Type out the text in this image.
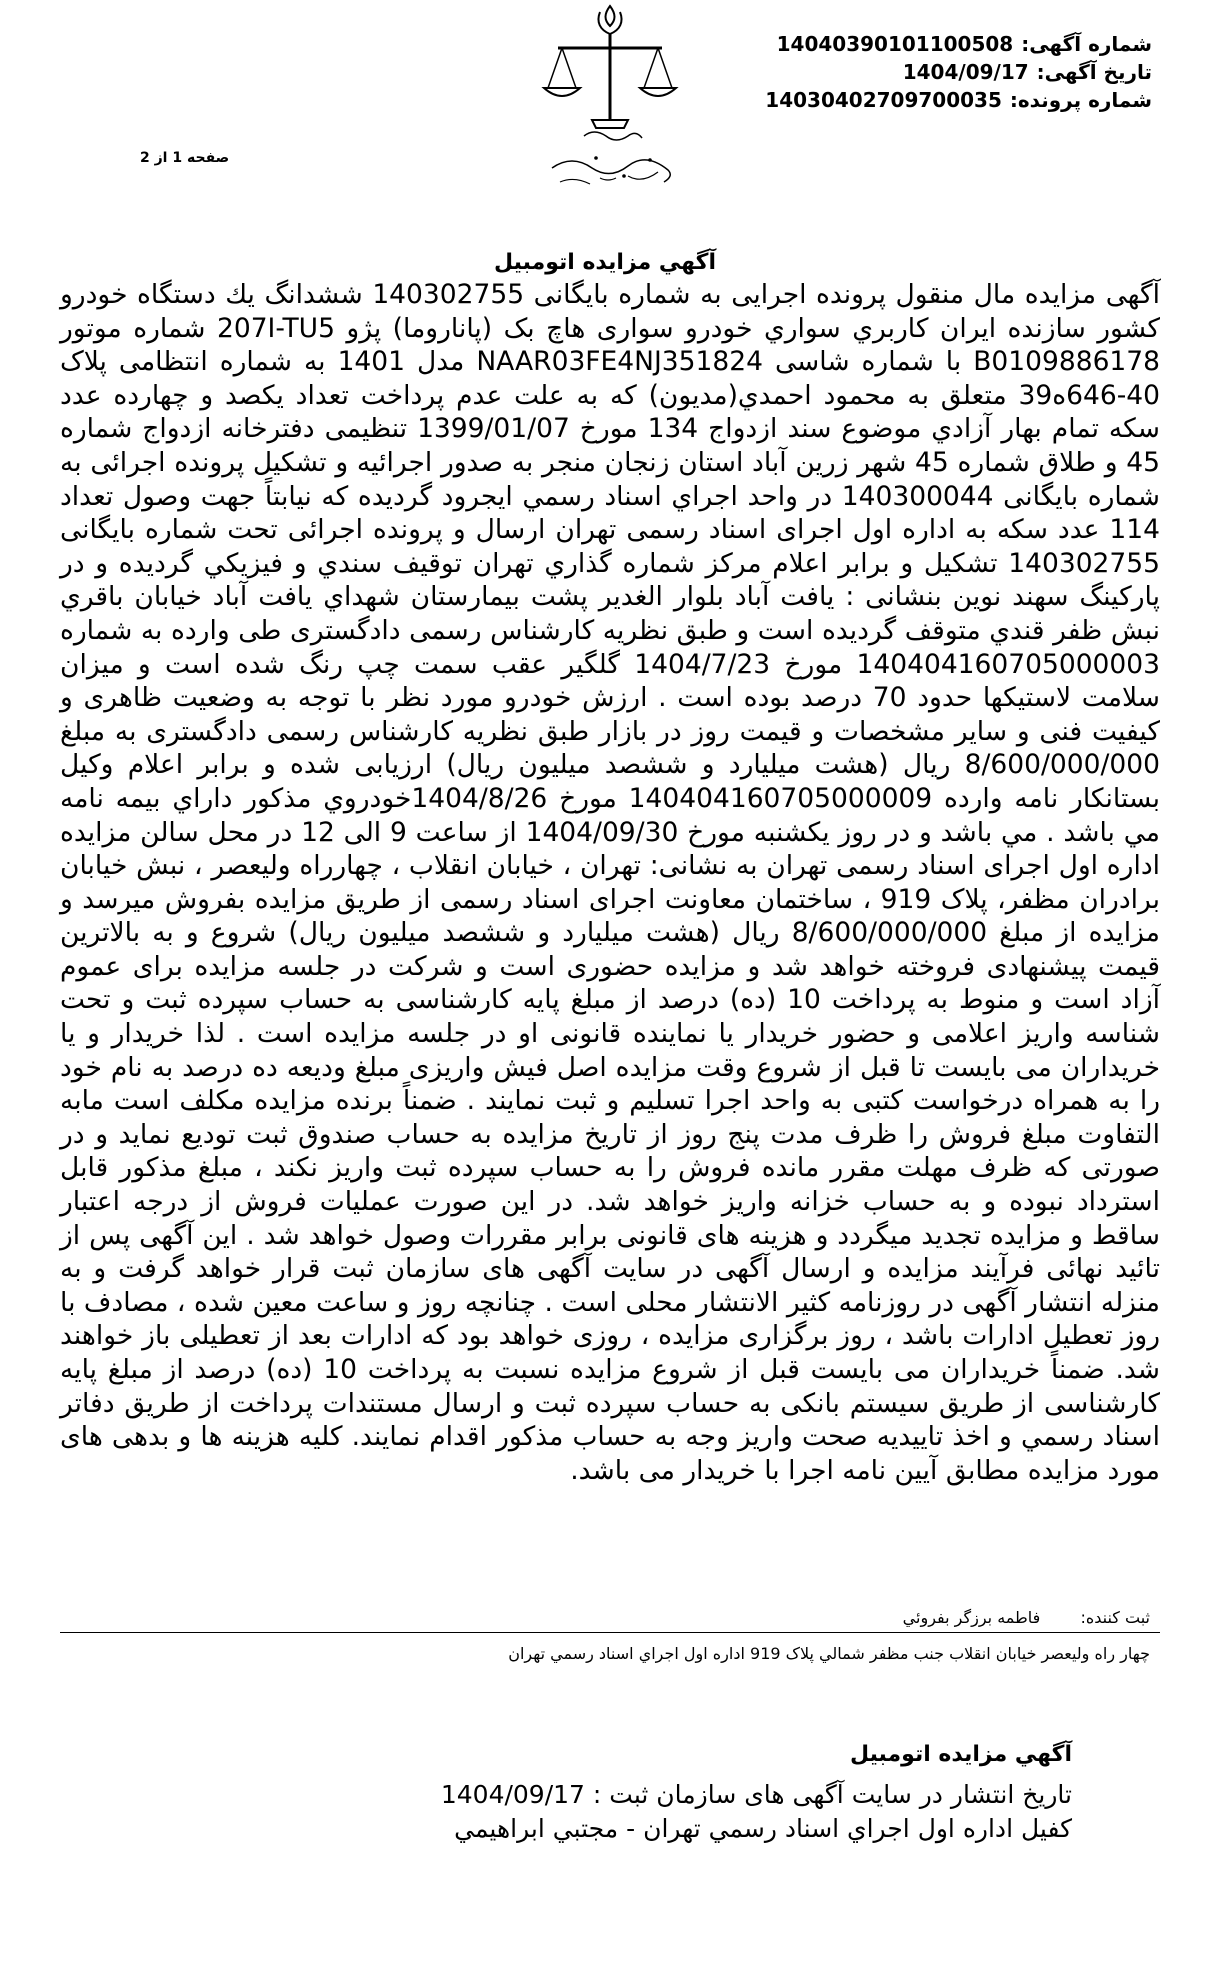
شماره آگهی:14040390101100508
تاریخ آگهی:1404/09/17
شماره پرونده:14030402709700035
صفحه 1 از 2
آگهي مزايده اتومبيل
آگهی مزایده مال منقول پرونده اجرایی به شماره بایگانی 140302755 ششدانگ يك دستگاه خودرو كشور سازنده ايران كاربري سواري خودرو سواری هاچ بک (پاناروما) پژو 207I-TU5 شماره موتور B0109886178 با شماره شاسی NAAR03FE4NJ351824 مدل 1401 به شماره انتظامی پلاک 40-646ه39 متعلق به محمود احمدي(مديون) كه به علت عدم پرداخت تعداد يكصد و چهارده عدد سكه تمام بهار آزادي موضوع سند ازدواج 134 مورخ 1399/01/07 تنظيمی دفترخانه ازدواج شماره 45 و طلاق شماره 45 شهر زرين آباد استان زنجان منجر به صدور اجرائيه و تشكيل پرونده اجرائی به شماره بايگانی 140300044 در واحد اجراي اسناد رسمي ايجرود گرديده كه نيابتاً جهت وصول تعداد 114 عدد سکه به اداره اول اجرای اسناد رسمی تهران ارسال و پرونده اجرائی تحت شماره بايگانی 140302755 تشكيل و برابر اعلام مركز شماره گذاري تهران توقيف سندي و فيزيكي گرديده و در پاركينگ سهند نوين بنشانی : يافت آباد بلوار الغدير پشت بيمارستان شهداي يافت آباد خيابان باقري نبش ظفر قندي متوقف گرديده است و طبق نظريه كارشناس رسمی دادگستری طی وارده به شماره 140404160705000003 مورخ 1404/7/23 گلگیر عقب سمت چپ رنگ شده است و ميزان سلامت لاستيكها حدود 70 درصد بوده است . ارزش خودرو مورد نظر با توجه به وضعيت ظاهری و كيفيت فنی و ساير مشخصات و قيمت روز در بازار طبق نظريه كارشناس رسمی دادگستری به مبلغ 8/600/000/000 ريال (هشت ميليارد و ششصد ميليون ريال) ارزيابی شده و برابر اعلام وكيل بستانكار نامه وارده 140404160705000009 مورخ 1404/8/26خودروي مذكور داراي بيمه نامه مي باشد . مي باشد و در روز یکشنبه مورخ 1404/09/30 از ساعت 9 الی 12 در محل سالن مزایده اداره اول اجرای اسناد رسمی تهران به نشانی: تهران ، خیابان انقلاب ، چهارراه ولیعصر ، نبش خیابان برادران مظفر، پلاک 919 ، ساختمان معاونت اجرای اسناد رسمی از طریق مزایده بفروش میرسد و مزایده از مبلغ 8/600/000/000 ريال (هشت ميليارد و ششصد ميليون ريال) شروع و به بالاترين قيمت پيشنهادی فروخته خواهد شد و مزايده حضوری است و شركت در جلسه مزایده برای عموم آزاد است و منوط به پرداخت 10 (ده) درصد از مبلغ پایه کارشناسی به حساب سپرده ثبت و تحت شناسه واریز اعلامی و حضور خریدار یا نماینده قانونی او در جلسه مزایده است . لذا خریدار و یا خریداران می بایست تا قبل از شروع وقت مزایده اصل فیش واریزی مبلغ ودیعه ده درصد به نام خود را به همراه درخواست کتبی به واحد اجرا تسلیم و ثبت نمایند . ضمناً برنده مزايده مكلف است مابه التفاوت مبلغ فروش را ظرف مدت پنج روز از تاریخ مزایده به حساب صندوق ثبت توديع نمايد و در صورتی كه ظرف مهلت مقرر مانده فروش را به حساب سپرده ثبت واريز نكند ، مبلغ مذكور قابل استرداد نبوده و به حساب خزانه واريز خواهد شد. در اين صورت عمليات فروش از درجه اعتبار ساقط و مزايده تجديد ميگردد و هزينه های قانونی برابر مقررات وصول خواهد شد . این آگهی پس از تائید نهائی فرآيند مزايده و ارسال آگهی در سايت آگهی های سازمان ثبت قرار خواهد گرفت و به منزله انتشار آگهی در روزنامه کثیر الانتشار محلی است . چنانچه روز و ساعت معين شده ، مصادف با روز تعطيل ادارات باشد ، روز برگزاری مزايده ، روزی خواهد بود كه ادارات بعد از تعطيلی باز خواهند شد. ضمناً خريداران می بايست قبل از شروع مزايده نسبت به پرداخت 10 (ده) درصد از مبلغ پايه كارشناسی از طريق سيستم بانكی به حساب سپرده ثبت و ارسال مستندات پرداخت از طريق دفاتر اسناد رسمي و اخذ تاييديه صحت واريز وجه به حساب مذكور اقدام نمايند. كليه هزينه ها و بدهی های مورد مزايده مطابق آيين نامه اجرا با خريدار می باشد.
ثبت کننده:  فاطمه برزگر بفروئي
چهار راه وليعصر خيابان انقلاب جنب مظفر شمالي پلاک 919 اداره اول اجراي اسناد رسمي تهران
آگهي مزايده اتومبيل
تاریخ انتشار در سایت آگهی های سازمان ثبت : 1404/09/17
کفيل اداره اول اجراي اسناد رسمي تهران - مجتبي ابراهيمي
